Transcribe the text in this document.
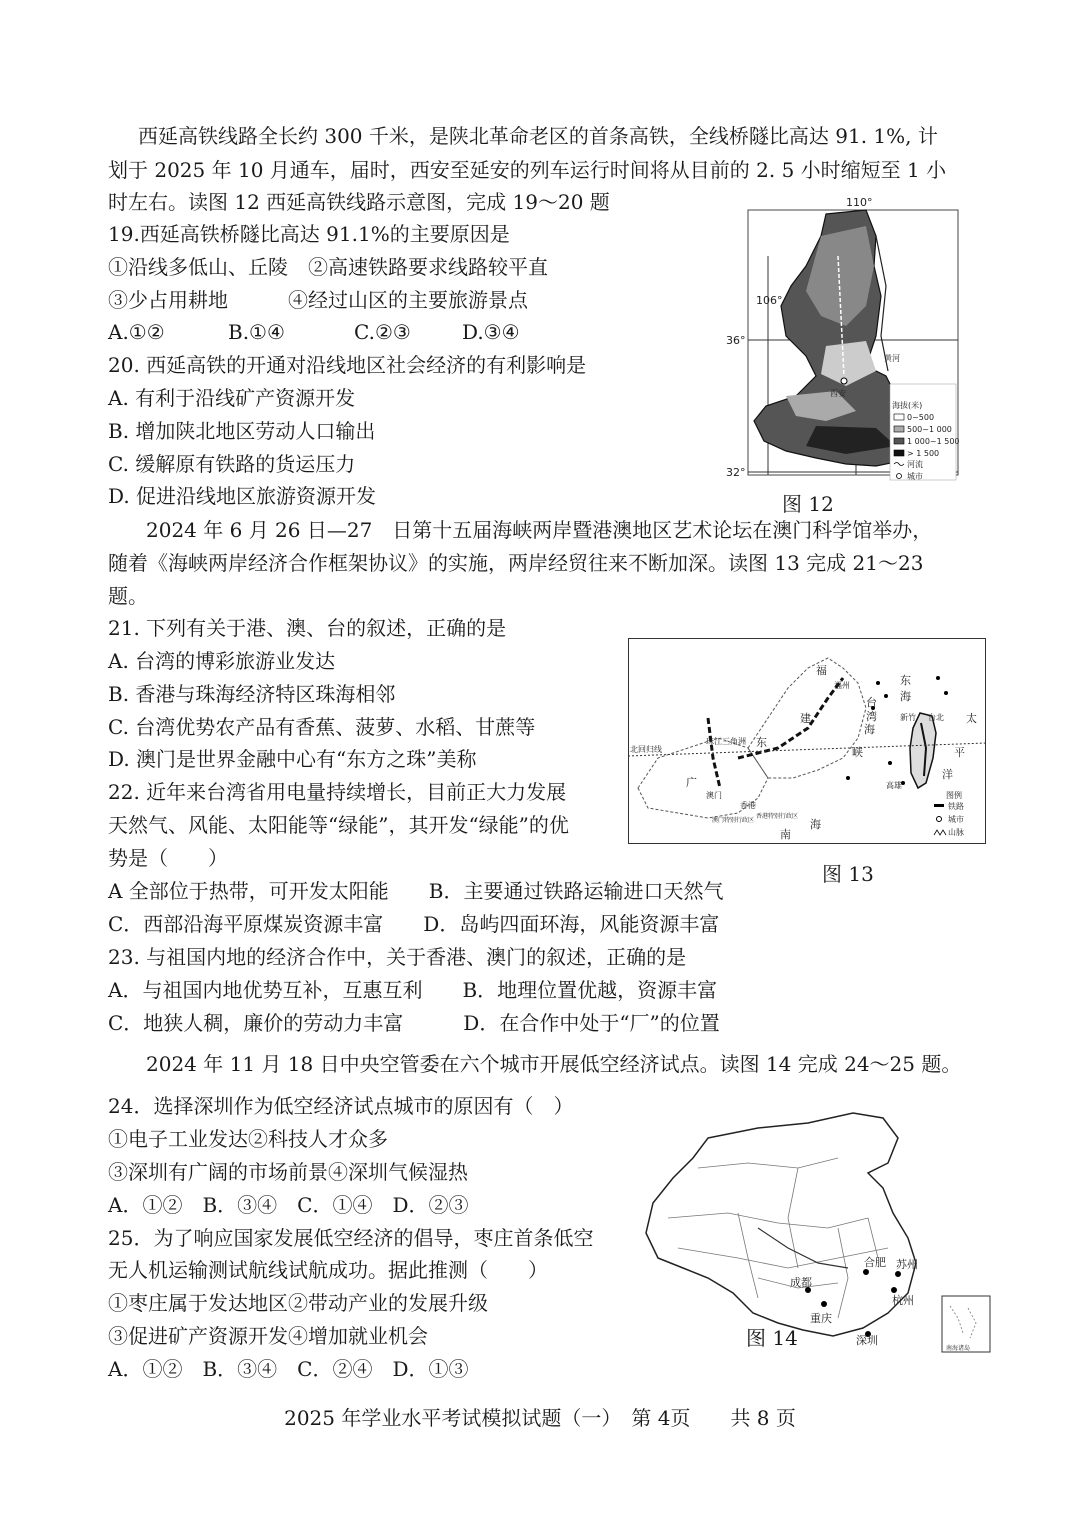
西延高铁线路全长约 300 千米，是陕北革命老区的首条高铁，全线桥隧比高达 91. 1%, 计
划于 2025 年 10 月通车，届时，西安至延安的列车运行时间将从目前的 2. 5 小时缩短至 1 小
时左右。读图 12 西延高铁线路示意图，完成 19～20 题
19.西延高铁桥隧比高达 91.1%的主要原因是
①沿线多低山、丘陵　②高速铁路要求线路较平直
③少占用耕地　　　④经过山区的主要旅游景点
A.①②	B.①④	C.②③	D.③④
20. 西延高铁的开通对沿线地区社会经济的有利影响是
A. 有利于沿线矿产资源开发
B. 增加陕北地区劳动人口输出
C. 缓解原有铁路的货运压力
D. 促进沿线地区旅游资源开发
西安
黄河
110°
106°
36°
32°
海拔(米)
0~500
500~1 000
1 000~1 500
> 1 500
河流
城市
图 12
2024 年 6 月 26 日—27　日第十五届海峡两岸暨港澳地区艺术论坛在澳门科学馆举办，
随着《海峡两岸经济合作框架协议》的实施，两岸经贸往来不断加深。读图 13 完成 21～23
题。
21. 下列有关于港、澳、台的叙述，正确的是
A. 台湾的博彩旅游业发达
B. 香港与珠海经济特区珠海相邻
C. 台湾优势农产品有香蕉、菠萝、水稻、甘蔗等
D. 澳门是世界金融中心有“东方之珠”美称
22. 近年来台湾省用电量持续增长，目前正大力发展
天然气、风能、太阳能等“绿能”，其开发“绿能”的优
势是（　　）
A 全部位于热带，可开发太阳能　　B．主要通过铁路运输进口天然气
C．西部沿海平原煤炭资源丰富　　D．岛屿四面环海，风能资源丰富
福
建
东
广
海
峡
台
湾
东
海
太
平
洋
南
海
福州
台北
新竹
高雄
香港
澳门
珠江三角洲
北回归线
香港特别行政区
澳门特别行政区
图例
铁路
城市
山脉
图 13
23. 与祖国内地的经济合作中，关于香港、澳门的叙述，正确的是
A．与祖国内地优势互补，互惠互利　　B．地理位置优越，资源丰富
C．地狭人稠，廉价的劳动力丰富　　　D．在合作中处于“厂”的位置
2024 年 11 月 18 日中央空管委在六个城市开展低空经济试点。读图 14 完成 24～25 题。
24．选择深圳作为低空经济试点城市的原因有（　）
①电子工业发达②科技人才众多
③深圳有广阔的市场前景④深圳气候湿热
A．①②　B．③④　C．①④　D．②③
25．为了响应国家发展低空经济的倡导，枣庄首条低空
无人机运输测试航线试航成功。据此推测（　　）
①枣庄属于发达地区②带动产业的发展升级
③促进矿产资源开发④增加就业机会
A．①②　B．③④　C．②④　D．①③
合肥 苏州
成都
重庆
杭州
深圳
南海诸岛
图 14
2025 年学业水平考试模拟试题（一）　第 4页　　共 8 页
